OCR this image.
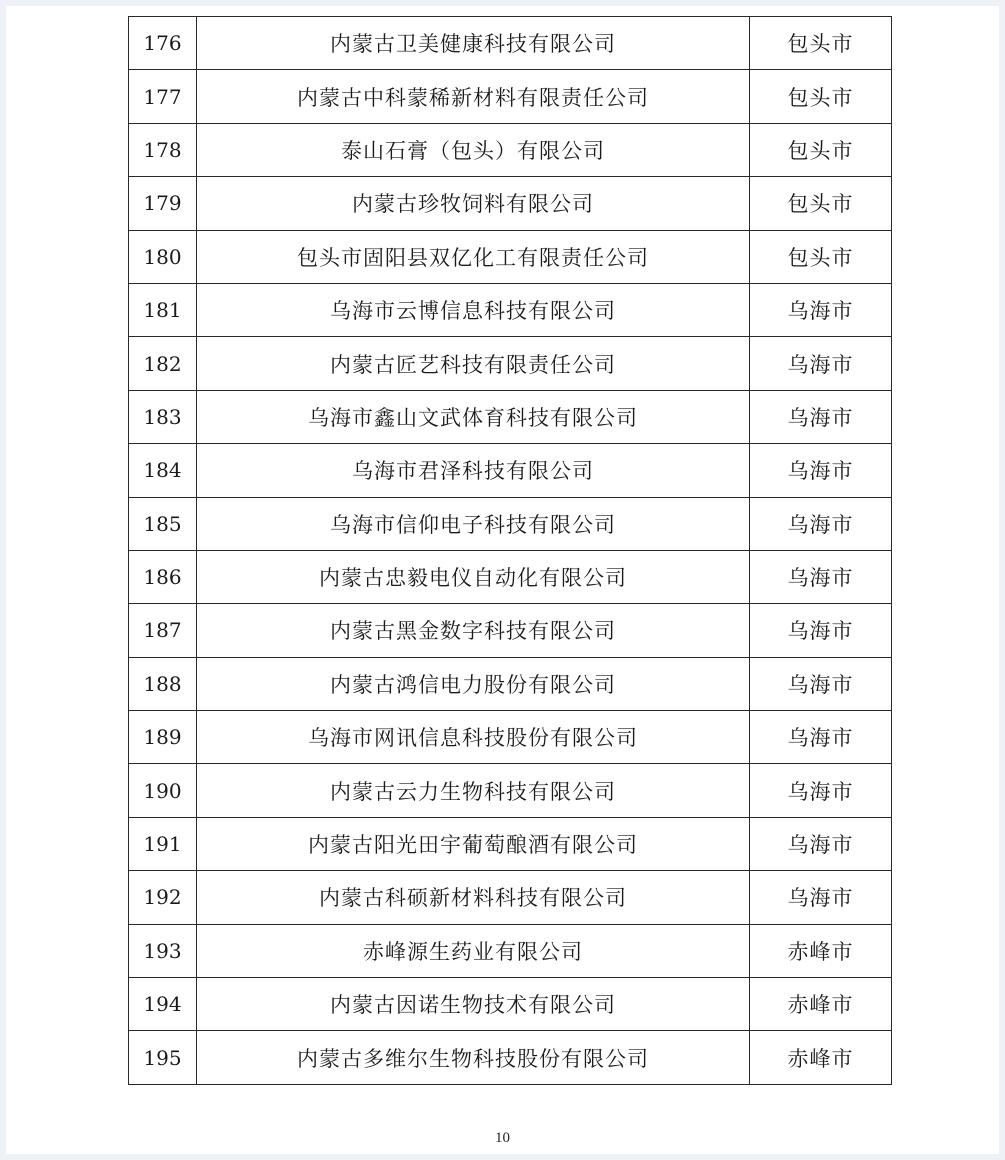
176	内蒙古卫美健康科技有限公司	包头市
177	内蒙古中科蒙稀新材料有限责任公司	包头市
178	泰山石膏（包头）有限公司	包头市
179	内蒙古珍牧饲料有限公司	包头市
180	包头市固阳县双亿化工有限责任公司	包头市
181	乌海市云博信息科技有限公司	乌海市
182	内蒙古匠艺科技有限责任公司	乌海市
183	乌海市鑫山文武体育科技有限公司	乌海市
184	乌海市君泽科技有限公司	乌海市
185	乌海市信仰电子科技有限公司	乌海市
186	内蒙古忠毅电仪自动化有限公司	乌海市
187	内蒙古黑金数字科技有限公司	乌海市
188	内蒙古鸿信电力股份有限公司	乌海市
189	乌海市网讯信息科技股份有限公司	乌海市
190	内蒙古云力生物科技有限公司	乌海市
191	内蒙古阳光田宇葡萄酿酒有限公司	乌海市
192	内蒙古科硕新材料科技有限公司	乌海市
193	赤峰源生药业有限公司	赤峰市
194	内蒙古因诺生物技术有限公司	赤峰市
195	内蒙古多维尔生物科技股份有限公司	赤峰市
10
